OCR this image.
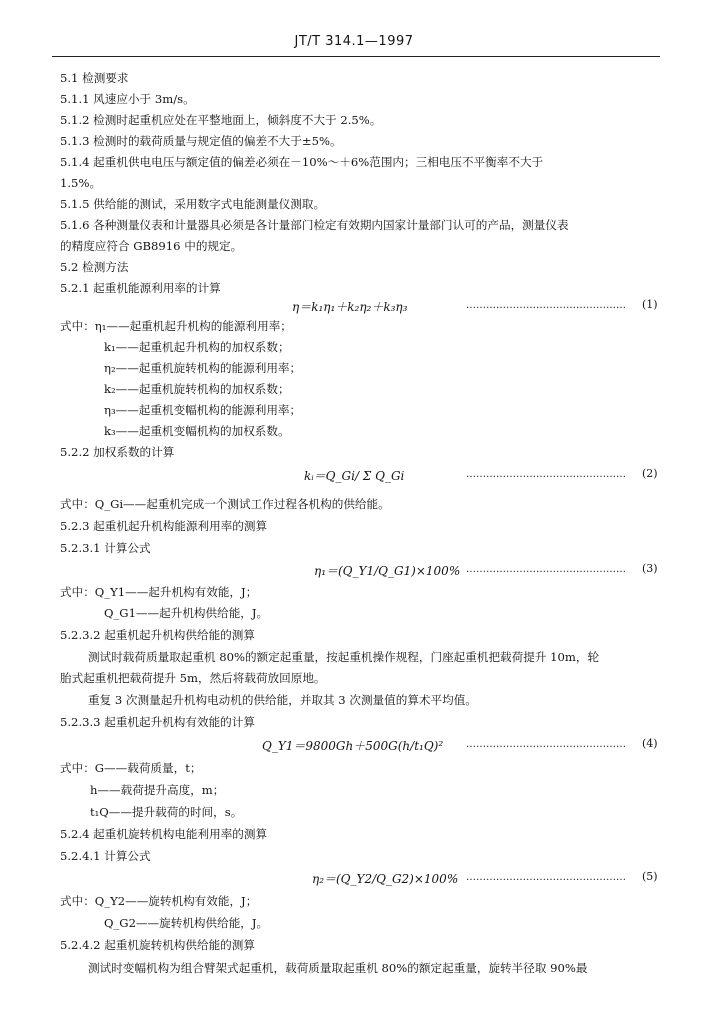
JT/T 314.1—1997
5.1 检测要求
5.1.1 风速应小于 3m/s。
5.1.2 检测时起重机应处在平整地面上，倾斜度不大于 2.5%。
5.1.3 检测时的载荷质量与规定值的偏差不大于±5%。
5.1.4 起重机供电电压与额定值的偏差必须在－10%～＋6%范围内；三相电压不平衡率不大于
1.5%。
5.1.5 供给能的测试，采用数字式电能测量仪测取。
5.1.6 各种测量仪表和计量器具必须是各计量部门检定有效期内国家计量部门认可的产品，测量仪表
的精度应符合 GB8916 中的规定。
5.2 检测方法
5.2.1 起重机能源利用率的计算
η＝k₁η₁＋k₂η₂＋k₃η₃	…………………………………………	(1)
式中：η₁——起重机起升机构的能源利用率；
k₁——起重机起升机构的加权系数；
η₂——起重机旋转机构的能源利用率；
k₂——起重机旋转机构的加权系数；
η₃——起重机变幅机构的能源利用率；
k₃——起重机变幅机构的加权系数。
5.2.2 加权系数的计算
kᵢ＝Q_Gi/ Σ Q_Gi	…………………………………………	(2)
式中：Q_Gi——起重机完成一个测试工作过程各机构的供给能。
5.2.3 起重机起升机构能源利用率的测算
5.2.3.1 计算公式
η₁＝(Q_Y1/Q_G1)×100% …………………………………………	(3)
式中：Q_Y1——起升机构有效能，J；
Q_G1——起升机构供给能，J。
5.2.3.2 起重机起升机构供给能的测算
测试时载荷质量取起重机 80%的额定起重量，按起重机操作规程，门座起重机把载荷提升 10m，轮
胎式起重机把载荷提升 5m，然后将载荷放回原地。
重复 3 次测量起升机构电动机的供给能，并取其 3 次测量值的算术平均值。
5.2.3.3 起重机起升机构有效能的计算
Q_Y1＝9800Gh＋500G(h/t₁Q)² …………………………………………	(4)
式中：G——载荷质量，t；
h——载荷提升高度，m；
t₁Q——提升载荷的时间，s。
5.2.4 起重机旋转机构电能利用率的测算
5.2.4.1 计算公式
η₂＝(Q_Y2/Q_G2)×100% …………………………………………	(5)
式中：Q_Y2——旋转机构有效能，J；
Q_G2——旋转机构供给能，J。
5.2.4.2 起重机旋转机构供给能的测算
测试时变幅机构为组合臂架式起重机，载荷质量取起重机 80%的额定起重量，旋转半径取 90%最
